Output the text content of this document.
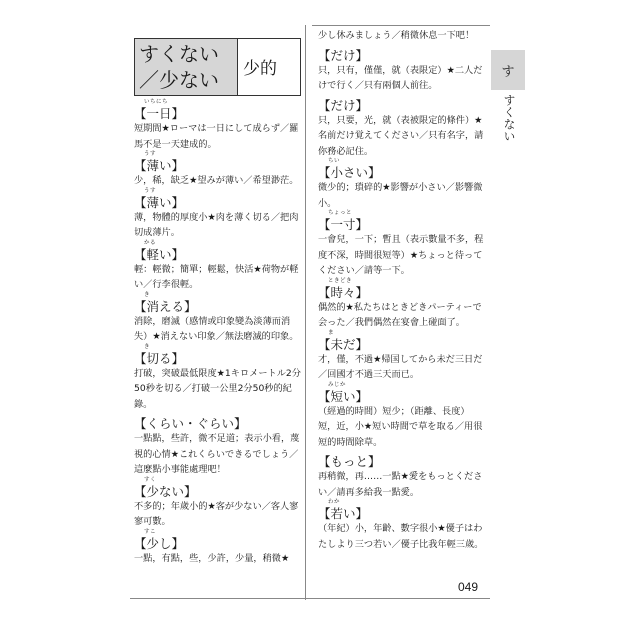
049
す
すくない
すくない／少ない	少的
いちにち
【一日】
短期間★ローマは一日にして成らず／羅馬不是一天建成的。
うす
【薄い】
少，稀，缺乏★望みが薄い／希望渺茫。
うす
【薄い】
薄，物體的厚度小★肉を薄く切る／把肉切成薄片。
かる
【軽い】
輕：輕微；簡單；輕鬆，快活★荷物が軽い／行李很輕。
き
【消える】
消除，磨滅（感情或印象變為淡薄而消失）★消えない印象／無法磨滅的印象。
き
【切る】
打破，突破最低限度★1キロメートル2分50秒を切る／打破一公里2分50秒的紀錄。
【くらい・ぐらい】
一點點，些許，微不足道；表示小看，蔑視的心情★これくらいできるでしょう／這麼點小事能處理吧！
すく
【少ない】
不多的；年歲小的★客が少ない／客人寥寥可數。
すこ
【少し】
一點，有點，些，少許，少量，稍微★
少し休みましょう／稍微休息一下吧！
【だけ】
只，只有，僅僅，就（表限定）★二人だけで行く／只有兩個人前往。
【だけ】
只，只要，光，就（表被限定的條件）★名前だけ覚えてください／只有名字，請你務必記住。
ちい
【小さい】
微少的；瑣碎的★影響が小さい／影響微小。
ちょっと
【一寸】
一會兒，一下；暫且（表示數量不多，程度不深，時間很短等）★ちょっと待ってください／請等一下。
ときどき
【時々】
偶然的★私たちはときどきパーティーで会った／我們偶然在宴會上碰面了。
ま
【未だ】
才，僅，不過★帰国してから未だ三日だ／回國才不過三天而已。
みじか
【短い】
（經過的時間）短少；（距離、長度）短，近，小★短い時間で草を取る／用很短的時間除草。
【もっと】
再稍微，再……一點★愛をもっとください／請再多給我一點愛。
わか
【若い】
（年紀）小，年齡、數字很小★優子はわたしより三つ若い／優子比我年輕三歲。
